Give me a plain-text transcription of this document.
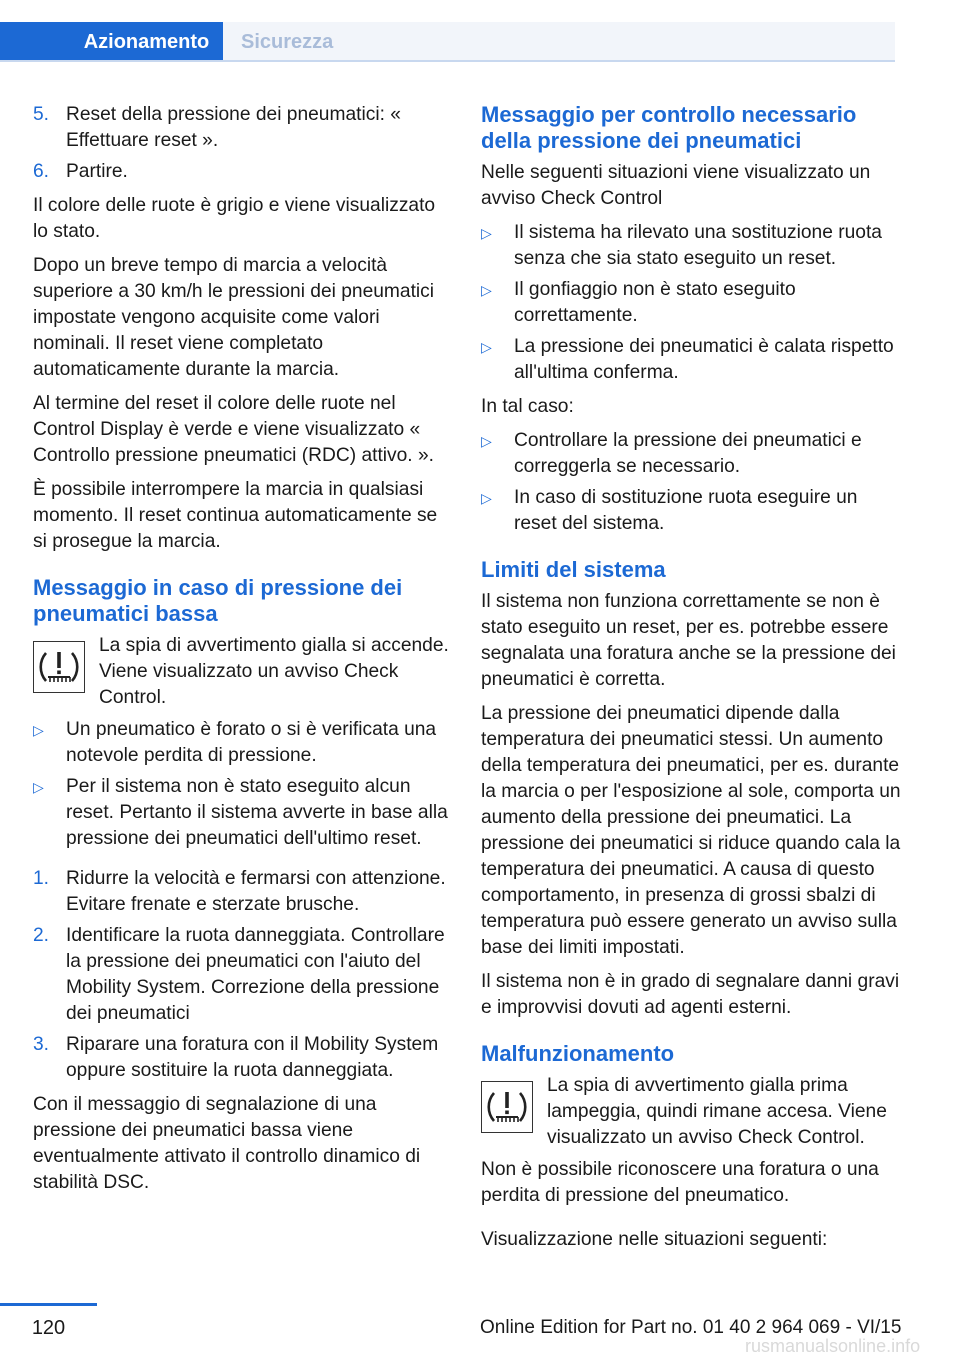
Azionamento	Sicurezza
5. Reset della pressione dei pneumatici: « Effettuare reset ».
6. Partire.

Il colore delle ruote è grigio e viene visualizzato lo stato.

Dopo un breve tempo di marcia a velocità superiore a 30 km/h le pressioni dei pneumatici impostate vengono acquisite come valori nominali. Il reset viene completato automaticamente durante la marcia.

Al termine del reset il colore delle ruote nel Control Display è verde e viene visualizzato « Controllo pressione pneumatici (RDC) attivo. ».

È possibile interrompere la marcia in qualsiasi momento. Il reset continua automaticamente se si prosegue la marcia.

Messaggio in caso di pressione dei pneumatici bassa
La spia di avvertimento gialla si accende. Viene visualizzato un avviso Check Control.
▷	Un pneumatico è forato o si è verificata una notevole perdita di pressione.
▷	Per il sistema non è stato eseguito alcun reset. Pertanto il sistema avverte in base alla pressione dei pneumatici dell'ultimo reset.
1. Ridurre la velocità e fermarsi con attenzione. Evitare frenate e sterzate brusche.
2. Identificare la ruota danneggiata. Controllare la pressione dei pneumatici con l'aiuto del Mobility System. Correzione della pressione dei pneumatici
3. Riparare una foratura con il Mobility System oppure sostituire la ruota danneggiata.

Con il messaggio di segnalazione di una pressione dei pneumatici bassa viene eventualmente attivato il controllo dinamico di stabilità DSC.

Messaggio per controllo necessario della pressione dei pneumatici

Nelle seguenti situazioni viene visualizzato un avviso Check Control

▷	Il sistema ha rilevato una sostituzione ruota senza che sia stato eseguito un reset.
▷	Il gonfiaggio non è stato eseguito correttamente.
▷	La pressione dei pneumatici è calata rispetto all'ultima conferma.

In tal caso:

▷	Controllare la pressione dei pneumatici e correggerla se necessario.
▷	In caso di sostituzione ruota eseguire un reset del sistema.
Limiti del sistema

Il sistema non funziona correttamente se non è stato eseguito un reset, per es. potrebbe essere segnalata una foratura anche se la pressione dei pneumatici è corretta.

La pressione dei pneumatici dipende dalla temperatura dei pneumatici stessi. Un aumento della temperatura dei pneumatici, per es. durante la marcia o per l'esposizione al sole, comporta un aumento della pressione dei pneumatici. La pressione dei pneumatici si riduce quando cala la temperatura dei pneumatici. A causa di questo comportamento, in presenza di grossi sbalzi di temperatura può essere generato un avviso sulla base dei limiti impostati.

Il sistema non è in grado di segnalare danni gravi e improvvisi dovuti ad agenti esterni.

Malfunzionamento
La spia di avvertimento gialla prima lampeggia, quindi rimane accesa. Viene visualizzato un avviso Check Control.

Non è possibile riconoscere una foratura o una perdita di pressione del pneumatico.

Visualizzazione nelle situazioni seguenti:

120	Online Edition for Part no. 01 40 2 964 069 - VI/15
rusmanualsonline.info
